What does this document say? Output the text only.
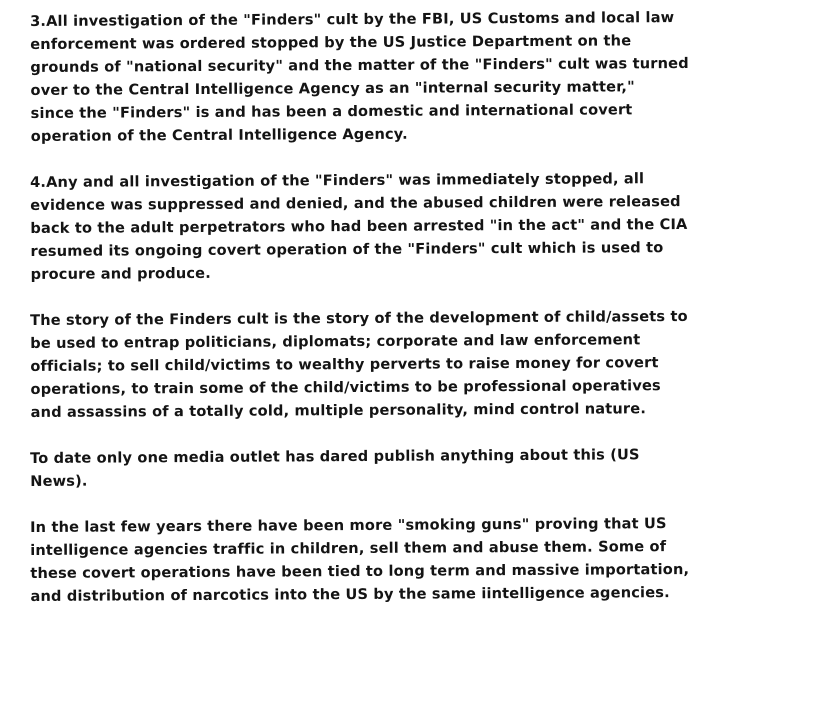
3.All investigation of the "Finders" cult by the FBI, US Customs and local law
enforcement was ordered stopped by the US Justice Department on the
grounds of "national security" and the matter of the "Finders" cult was turned
over to the Central Intelligence Agency as an "internal security matter,"
since the "Finders" is and has been a domestic and international covert
operation of the Central Intelligence Agency.

4.Any and all investigation of the "Finders" was immediately stopped, all
evidence was suppressed and denied, and the abused children were released
back to the adult perpetrators who had been arrested "in the act" and the CIA
resumed its ongoing covert operation of the "Finders" cult which is used to
procure and produce.

The story of the Finders cult is the story of the development of child/assets to
be used to entrap politicians, diplomats; corporate and law enforcement
officials; to sell child/victims to wealthy perverts to raise money for covert
operations, to train some of the child/victims to be professional operatives
and assassins of a totally cold, multiple personality, mind control nature.

To date only one media outlet has dared publish anything about this (US
News).

In the last few years there have been more "smoking guns" proving that US
intelligence agencies traffic in children, sell them and abuse them. Some of
these covert operations have been tied to long term and massive importation,
and distribution of narcotics into the US by the same iintelligence agencies.
